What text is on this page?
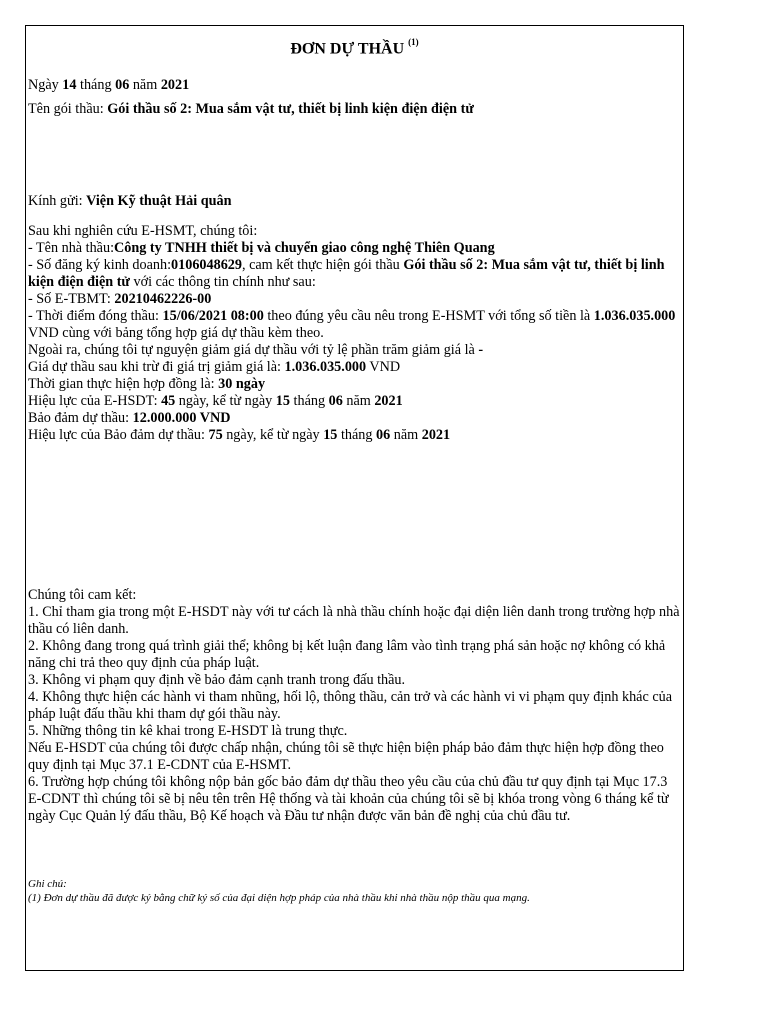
ĐƠN DỰ THẦU $^{(1)}$
Ngày 14 tháng 06 năm 2021
Tên gói thầu: Gói thầu số 2: Mua sắm vật tư, thiết bị linh kiện điện điện tử
Kính gửi: Viện Kỹ thuật Hải quân
Sau khi nghiên cứu E-HSMT, chúng tôi:
- Tên nhà thầu:Công ty TNHH thiết bị và chuyển giao công nghệ Thiên Quang
- Số đăng ký kinh doanh:0106048629, cam kết thực hiện gói thầu Gói thầu số 2: Mua sắm vật tư, thiết bị linh kiện điện điện tử với các thông tin chính như sau:
- Số E-TBMT: 20210462226-00
- Thời điểm đóng thầu: 15/06/2021 08:00 theo đúng yêu cầu nêu trong E-HSMT với tổng số tiền là 1.036.035.000 VND cùng với bảng tổng hợp giá dự thầu kèm theo.
Ngoài ra, chúng tôi tự nguyện giảm giá dự thầu với tỷ lệ phần trăm giảm giá là -
Giá dự thầu sau khi trừ đi giá trị giảm giá là: 1.036.035.000 VND
Thời gian thực hiện hợp đồng là: 30 ngày
Hiệu lực của E-HSDT: 45 ngày, kể từ ngày 15 tháng 06 năm 2021
Bảo đảm dự thầu: 12.000.000 VND
Hiệu lực của Bảo đảm dự thầu: 75 ngày, kể từ ngày 15 tháng 06 năm 2021
Chúng tôi cam kết:
1. Chỉ tham gia trong một E-HSDT này với tư cách là nhà thầu chính hoặc đại diện liên danh trong trường hợp nhà thầu có liên danh.
2. Không đang trong quá trình giải thể; không bị kết luận đang lâm vào tình trạng phá sản hoặc nợ không có khả năng chi trả theo quy định của pháp luật.
3. Không vi phạm quy định về bảo đảm cạnh tranh trong đấu thầu.
4. Không thực hiện các hành vi tham nhũng, hối lộ, thông thầu, cản trở và các hành vi vi phạm quy định khác của pháp luật đấu thầu khi tham dự gói thầu này.
5. Những thông tin kê khai trong E-HSDT là trung thực.
Nếu E-HSDT của chúng tôi được chấp nhận, chúng tôi sẽ thực hiện biện pháp bảo đảm thực hiện hợp đồng theo quy định tại Mục 37.1 E-CDNT của E-HSMT.
6. Trường hợp chúng tôi không nộp bản gốc bảo đảm dự thầu theo yêu cầu của chủ đầu tư quy định tại Mục 17.3 E-CDNT thì chúng tôi sẽ bị nêu tên trên Hệ thống và tài khoản của chúng tôi sẽ bị khóa trong vòng 6 tháng kể từ ngày Cục Quản lý đấu thầu, Bộ Kế hoạch và Đầu tư nhận được văn bản đề nghị của chủ đầu tư.
Ghi chú:
(1) Đơn dự thầu đã được ký bằng chữ ký số của đại diện hợp pháp của nhà thầu khi nhà thầu nộp thầu qua mạng.
